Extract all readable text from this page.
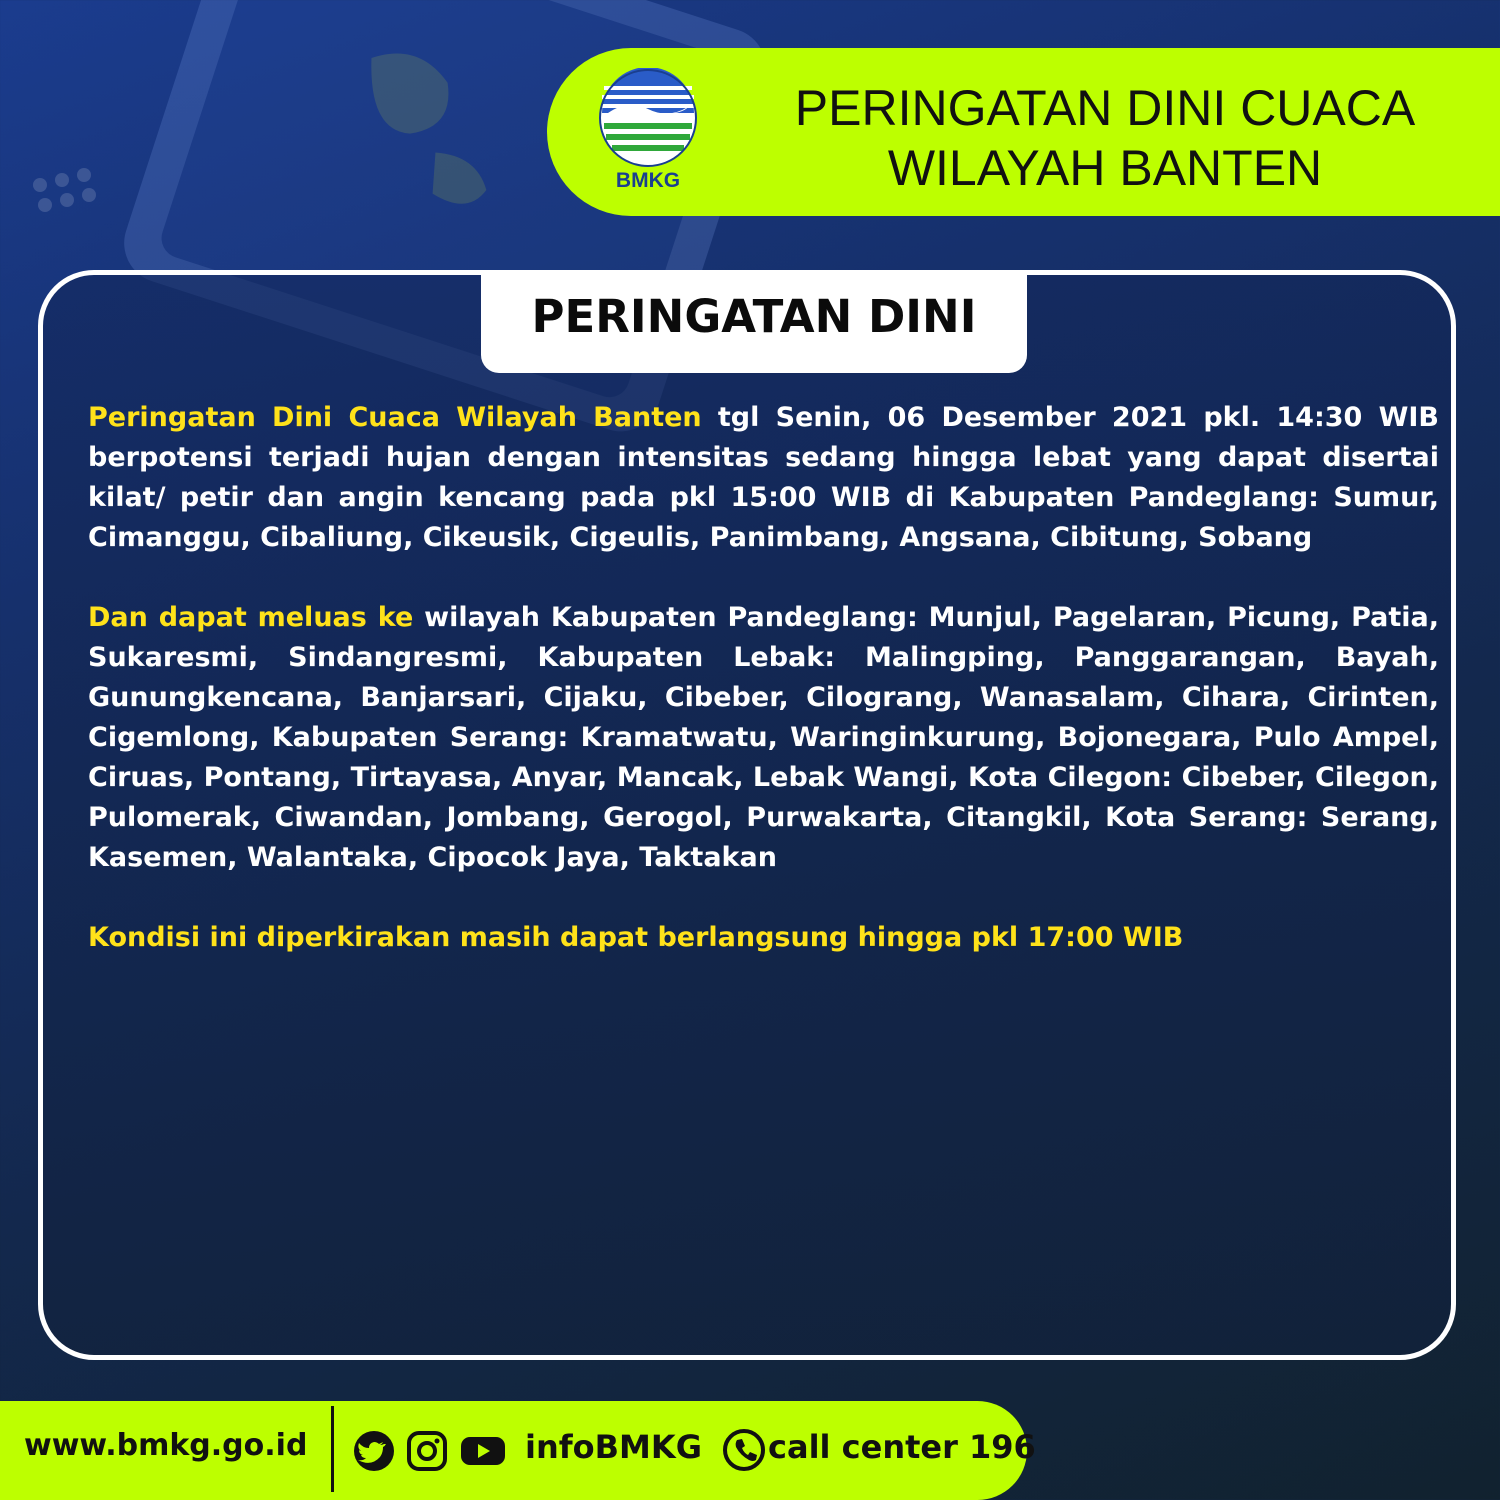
BMKG
PERINGATAN DINI CUACA
WILAYAH BANTEN
PERINGATAN DINI

Peringatan Dini Cuaca Wilayah Banten tgl Senin, 06 Desember 2021 pkl. 14:30 WIB berpotensi terjadi hujan dengan intensitas sedang hingga lebat yang dapat disertai kilat/ petir dan angin kencang pada pkl 15:00 WIB di Kabupaten Pandeglang: Sumur, Cimanggu, Cibaliung, Cikeusik, Cigeulis, Panimbang, Angsana, Cibitung, Sobang

Dan dapat meluas ke wilayah Kabupaten Pandeglang: Munjul, Pagelaran, Picung, Patia, Sukaresmi, Sindangresmi, Kabupaten Lebak: Malingping, Panggarangan, Bayah, Gunungkencana, Banjarsari, Cijaku, Cibeber, Cilograng, Wanasalam, Cihara, Cirinten, Cigemlong, Kabupaten Serang: Kramatwatu, Waringinkurung, Bojonegara, Pulo Ampel, Ciruas, Pontang, Tirtayasa, Anyar, Mancak, Lebak Wangi, Kota Cilegon: Cibeber, Cilegon, Pulomerak, Ciwandan, Jombang, Gerogol, Purwakarta, Citangkil, Kota Serang: Serang, Kasemen, Walantaka, Cipocok Jaya, Taktakan

Kondisi ini diperkirakan masih dapat berlangsung hingga pkl 17:00 WIB

www.bmkg.go.id	infoBMKG call center 196
